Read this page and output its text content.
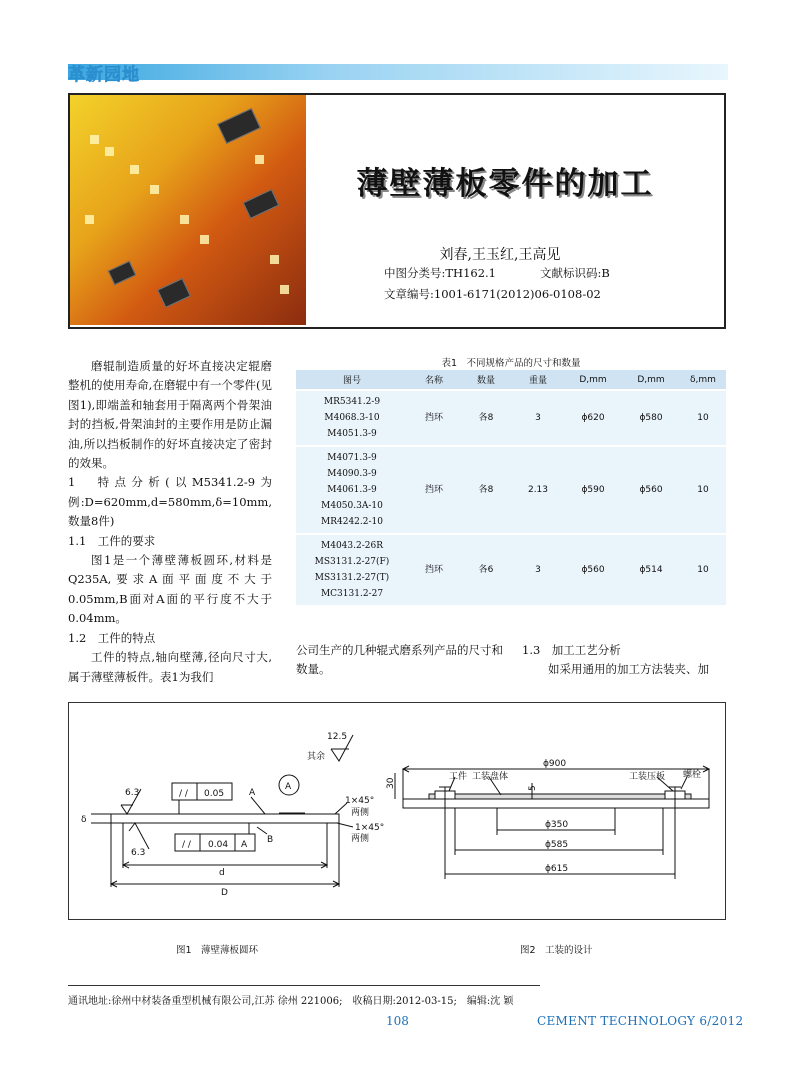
革新园地
薄壁薄板零件的加工
刘春,王玉红,王高见
中图分类号:TH162.1	文献标识码:B
文章编号:1001-6171(2012)06-0108-02

磨辊制造质量的好坏直接决定辊磨整机的使用寿命,在磨辊中有一个零件(见图1),即端盖和轴套用于隔离两个骨架油封的挡板,骨架油封的主要作用是防止漏油,所以挡板制作的好坏直接决定了密封的效果。

1　特点分析(以M5341.2-9为例:D=620mm,d=580mm,δ=10mm,数量8件)

1.1　工件的要求

图1是一个薄壁薄板圆环,材料是Q235A,要求A面平面度不大于0.05mm,B面对A面的平行度不大于0.04mm。

1.2　工件的特点

工件的特点,轴向壁薄,径向尺寸大,属于薄壁薄板件。表1为我们

表1　不同规格产品的尺寸和数量
图号	名称	数量	重量	D,mm	D,mm	δ,mm

MR5341.2-9
M4068.3-10
M4051.3-9	挡环	各8	3	ϕ620	ϕ580	10

M4071.3-9
M4090.3-9
M4061.3-9
M4050.3A-10
MR4242.2-10	挡环	各8	2.13	ϕ590	ϕ560	10

M4043.2-26R
MS3131.2-27(F)
MS3131.2-27(T)
MC3131.2-27	挡环	各6	3	ϕ560	ϕ514	10
公司生产的几种辊式磨系列产品的尺寸和数量。
1.3　加工工艺分析
如采用通用的加工方法装夹、加
12.5
其余
6.3
6.3
/ / 0.05
/ / 0.04 A
A
B
A
1×45°
两侧
1×45°
两侧
δ
d
D
ϕ900
30	5
工件 工装盘体	工装压板 螺栓
ϕ350
ϕ585
ϕ615
图1　薄壁薄板圆环	图2　工装的设计
通讯地址:徐州中材装备重型机械有限公司,江苏 徐州 221006;　收稿日期:2012-03-15;　编辑:沈 颖
108	CEMENT TECHNOLOGY 6/2012
